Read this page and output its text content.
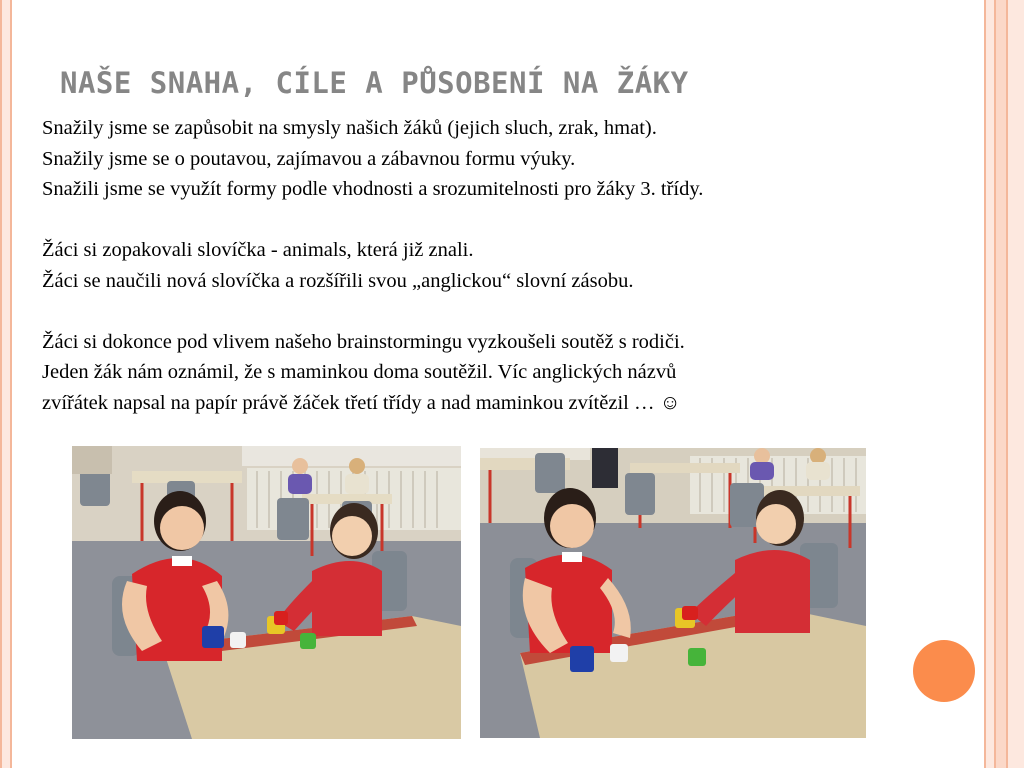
NAŠE SNAHA, CÍLE A PŮSOBENÍ NA ŽÁKY

Snažily jsme se zapůsobit na smysly našich žáků (jejich sluch, zrak, hmat).

Snažily jsme se o poutavou, zajímavou a zábavnou formu výuky.

Snažili jsme se využít formy podle vhodnosti a srozumitelnosti pro žáky 3. třídy.

Žáci si zopakovali slovíčka - animals, která již znali.

Žáci se naučili nová slovíčka a rozšířili svou „anglickou“ slovní zásobu.

Žáci si dokonce pod vlivem našeho brainstormingu vyzkoušeli soutěž s rodiči.

Jeden žák nám oznámil, že s maminkou doma soutěžil. Víc anglických názvů

zvířátek napsal na papír právě žáček třetí třídy a nad maminkou zvítězil … ☺
